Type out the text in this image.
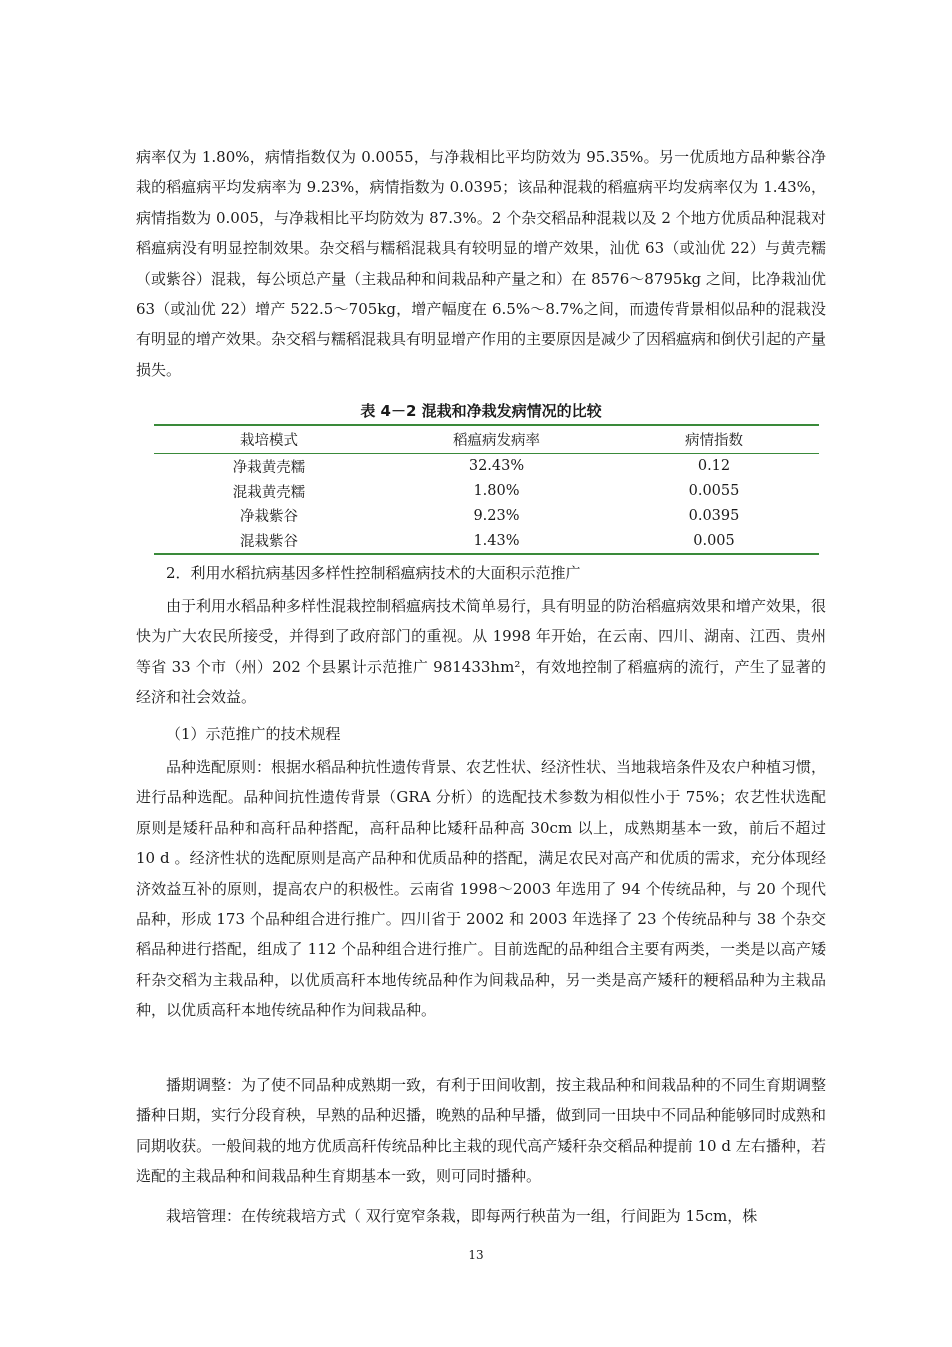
病率仅为 1.80%，病情指数仅为 0.0055，与净栽相比平均防效为 95.35%。另一优质地方品种紫谷净栽的稻瘟病平均发病率为 9.23%，病情指数为 0.0395；该品种混栽的稻瘟病平均发病率仅为 1.43%，病情指数为 0.005，与净栽相比平均防效为 87.3%。2 个杂交稻品种混栽以及 2 个地方优质品种混栽对稻瘟病没有明显控制效果。杂交稻与糯稻混栽具有较明显的增产效果，汕优 63（或汕优 22）与黄壳糯（或紫谷）混栽，每公顷总产量（主栽品种和间栽品种产量之和）在 8576～8795kg 之间，比净栽汕优 63（或汕优 22）增产 522.5～705kg，增产幅度在 6.5%～8.7%之间，而遗传背景相似品种的混栽没有明显的增产效果。杂交稻与糯稻混栽具有明显增产作用的主要原因是减少了因稻瘟病和倒伏引起的产量损失。

表 4－2 混栽和净栽发病情况的比较
栽培模式	稻瘟病发病率	病情指数
净栽黄壳糯	32.43%	0.12
混栽黄壳糯	1.80%	0.0055
净栽紫谷	9.23%	0.0395
混栽紫谷	1.43%	0.005

2．利用水稻抗病基因多样性控制稻瘟病技术的大面积示范推广

由于利用水稻品种多样性混栽控制稻瘟病技术简单易行，具有明显的防治稻瘟病效果和增产效果，很快为广大农民所接受，并得到了政府部门的重视。从 1998 年开始，在云南、四川、湖南、江西、贵州等省 33 个市（州）202 个县累计示范推广 981433hm²，有效地控制了稻瘟病的流行，产生了显著的经济和社会效益。

（1）示范推广的技术规程

品种选配原则：根据水稻品种抗性遗传背景、农艺性状、经济性状、当地栽培条件及农户种植习惯，进行品种选配。品种间抗性遗传背景（GRA 分析）的选配技术参数为相似性小于 75%；农艺性状选配原则是矮秆品种和高秆品种搭配，高秆品种比矮秆品种高 30cm 以上，成熟期基本一致，前后不超过 10 d 。经济性状的选配原则是高产品种和优质品种的搭配，满足农民对高产和优质的需求，充分体现经济效益互补的原则，提高农户的积极性。云南省 1998～2003 年选用了 94 个传统品种，与 20 个现代品种，形成 173 个品种组合进行推广。四川省于 2002 和 2003 年选择了 23 个传统品种与 38 个杂交稻品种进行搭配，组成了 112 个品种组合进行推广。目前选配的品种组合主要有两类，一类是以高产矮秆杂交稻为主栽品种，以优质高秆本地传统品种作为间栽品种，另一类是高产矮秆的粳稻品种为主栽品种，以优质高秆本地传统品种作为间栽品种。

播期调整：为了使不同品种成熟期一致，有利于田间收割，按主栽品种和间栽品种的不同生育期调整播种日期，实行分段育秧，早熟的品种迟播，晚熟的品种早播，做到同一田块中不同品种能够同时成熟和同期收获。一般间栽的地方优质高秆传统品种比主栽的现代高产矮秆杂交稻品种提前 10 d 左右播种，若选配的主栽品种和间栽品种生育期基本一致，则可同时播种。

栽培管理：在传统栽培方式（ 双行宽窄条栽，即每两行秧苗为一组，行间距为 15cm，株

13
